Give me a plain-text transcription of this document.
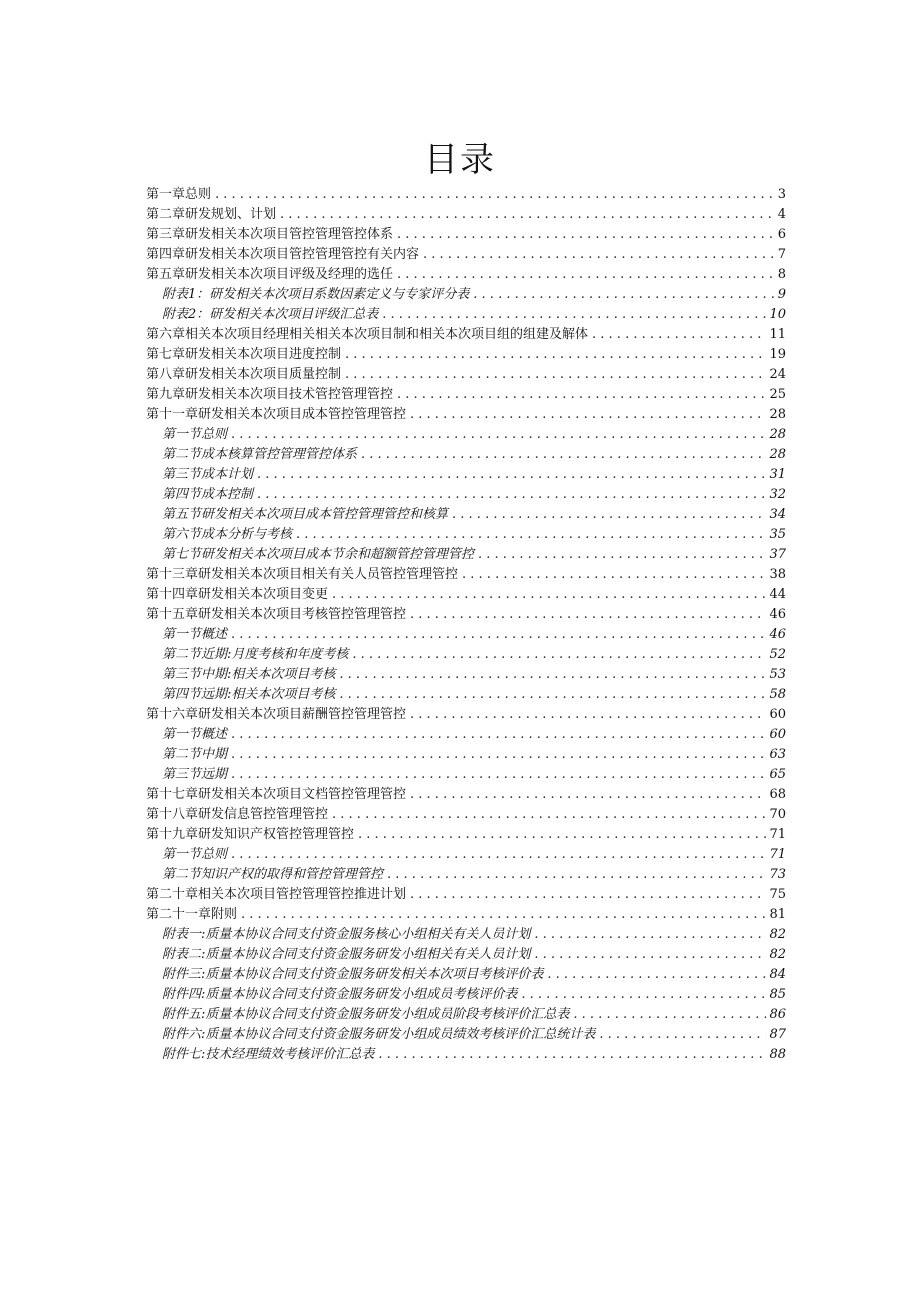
目录
第一章总则 . . .	3
第二章研发规划、计划 . . .	4
第三章研发相关本次项目管控管理管控体系 . . .	6
第四章研发相关本次项目管控管理管控有关内容 . . .	7
第五章研发相关本次项目评级及经理的选任 . . .	8
附表1：研发相关本次项目系数因素定义与专家评分表 . . .	9
附表2：研发相关本次项目评级汇总表 . . .	10
第六章相关本次项目经理相关相关本次项目制和相关本次项目组的组建及解体 . . .	11
第七章研发相关本次项目进度控制 . . .	19
第八章研发相关本次项目质量控制 . . .	24
第九章研发相关本次项目技术管控管理管控 . . .	25
第十一章研发相关本次项目成本管控管理管控 . . .	28
第一节总则 . . .	28
第二节成本核算管控管理管控体系 . . .	28
第三节成本计划 . . .	31
第四节成本控制 . . .	32
第五节研发相关本次项目成本管控管理管控和核算 . . .	34
第六节成本分析与考核 . . .	35
第七节研发相关本次项目成本节余和超额管控管理管控 . . .	37
第十三章研发相关本次项目相关有关人员管控管理管控 . . .	38
第十四章研发相关本次项目变更 . . .	44
第十五章研发相关本次项目考核管控管理管控 . . .	46
第一节概述 . . .	46
第二节近期:月度考核和年度考核 . . .	52
第三节中期:相关本次项目考核 . . .	53
第四节远期:相关本次项目考核 . . .	58
第十六章研发相关本次项目薪酬管控管理管控 . . .	60
第一节概述 . . .	60
第二节中期 . . .	63
第三节远期 . . .	65
第十七章研发相关本次项目文档管控管理管控 . . .	68
第十八章研发信息管控管理管控 . . .	70
第十九章研发知识产权管控管理管控 . . .	71
第一节总则 . . .	71
第二节知识产权的取得和管控管理管控 . . .	73
第二十章相关本次项目管控管理管控推进计划 . . .	75
第二十一章附则 . . .	81
附表一:质量本协议合同支付资金服务核心小组相关有关人员计划 . . .	82
附表二:质量本协议合同支付资金服务研发小组相关有关人员计划 . . .	82
附件三:质量本协议合同支付资金服务研发相关本次项目考核评价表 . . .	84
附件四:质量本协议合同支付资金服务研发小组成员考核评价表 . . .	85
附件五:质量本协议合同支付资金服务研发小组成员阶段考核评价汇总表 . . .	86
附件六:质量本协议合同支付资金服务研发小组成员绩效考核评价汇总统计表 . . .	87
附件七:技术经理绩效考核评价汇总表 . . .	88
